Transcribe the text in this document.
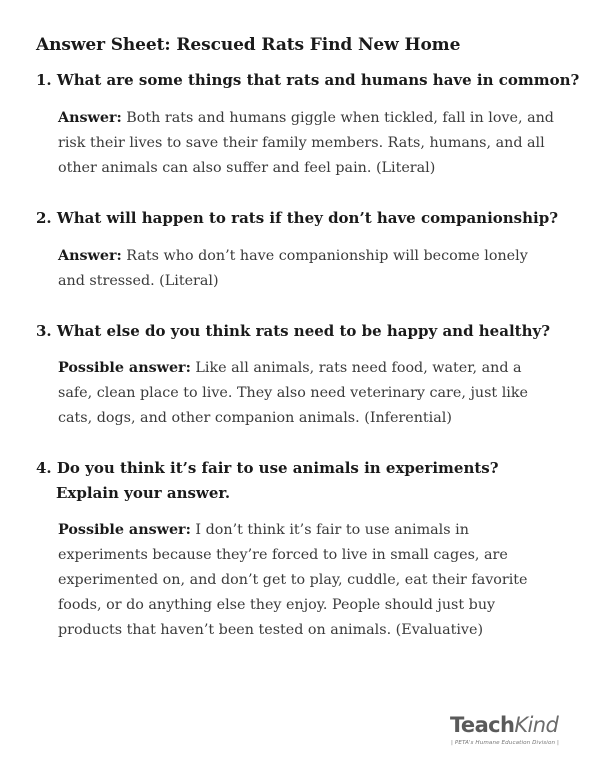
Answer Sheet: Rescued Rats Find New Home
1. What are some things that rats and humans have in common?
Answer: Both rats and humans giggle when tickled, fall in love, and risk their lives to save their family members. Rats, humans, and all other animals can also suffer and feel pain. (Literal)
2. What will happen to rats if they don’t have companionship?
Answer: Rats who don’t have companionship will become lonely and stressed. (Literal)
3. What else do you think rats need to be happy and healthy?
Possible answer: Like all animals, rats need food, water, and a safe, clean place to live. They also need veterinary care, just like cats, dogs, and other companion animals. (Inferential)
4. Do you think it’s fair to use animals in experiments?
Explain your answer.
Possible answer: I don’t think it’s fair to use animals in experiments because they’re forced to live in small cages, are experimented on, and don’t get to play, cuddle, eat their favorite foods, or do anything else they enjoy. People should just buy products that haven’t been tested on animals. (Evaluative)
TeachKind
| PETA's Humane Education Division |
